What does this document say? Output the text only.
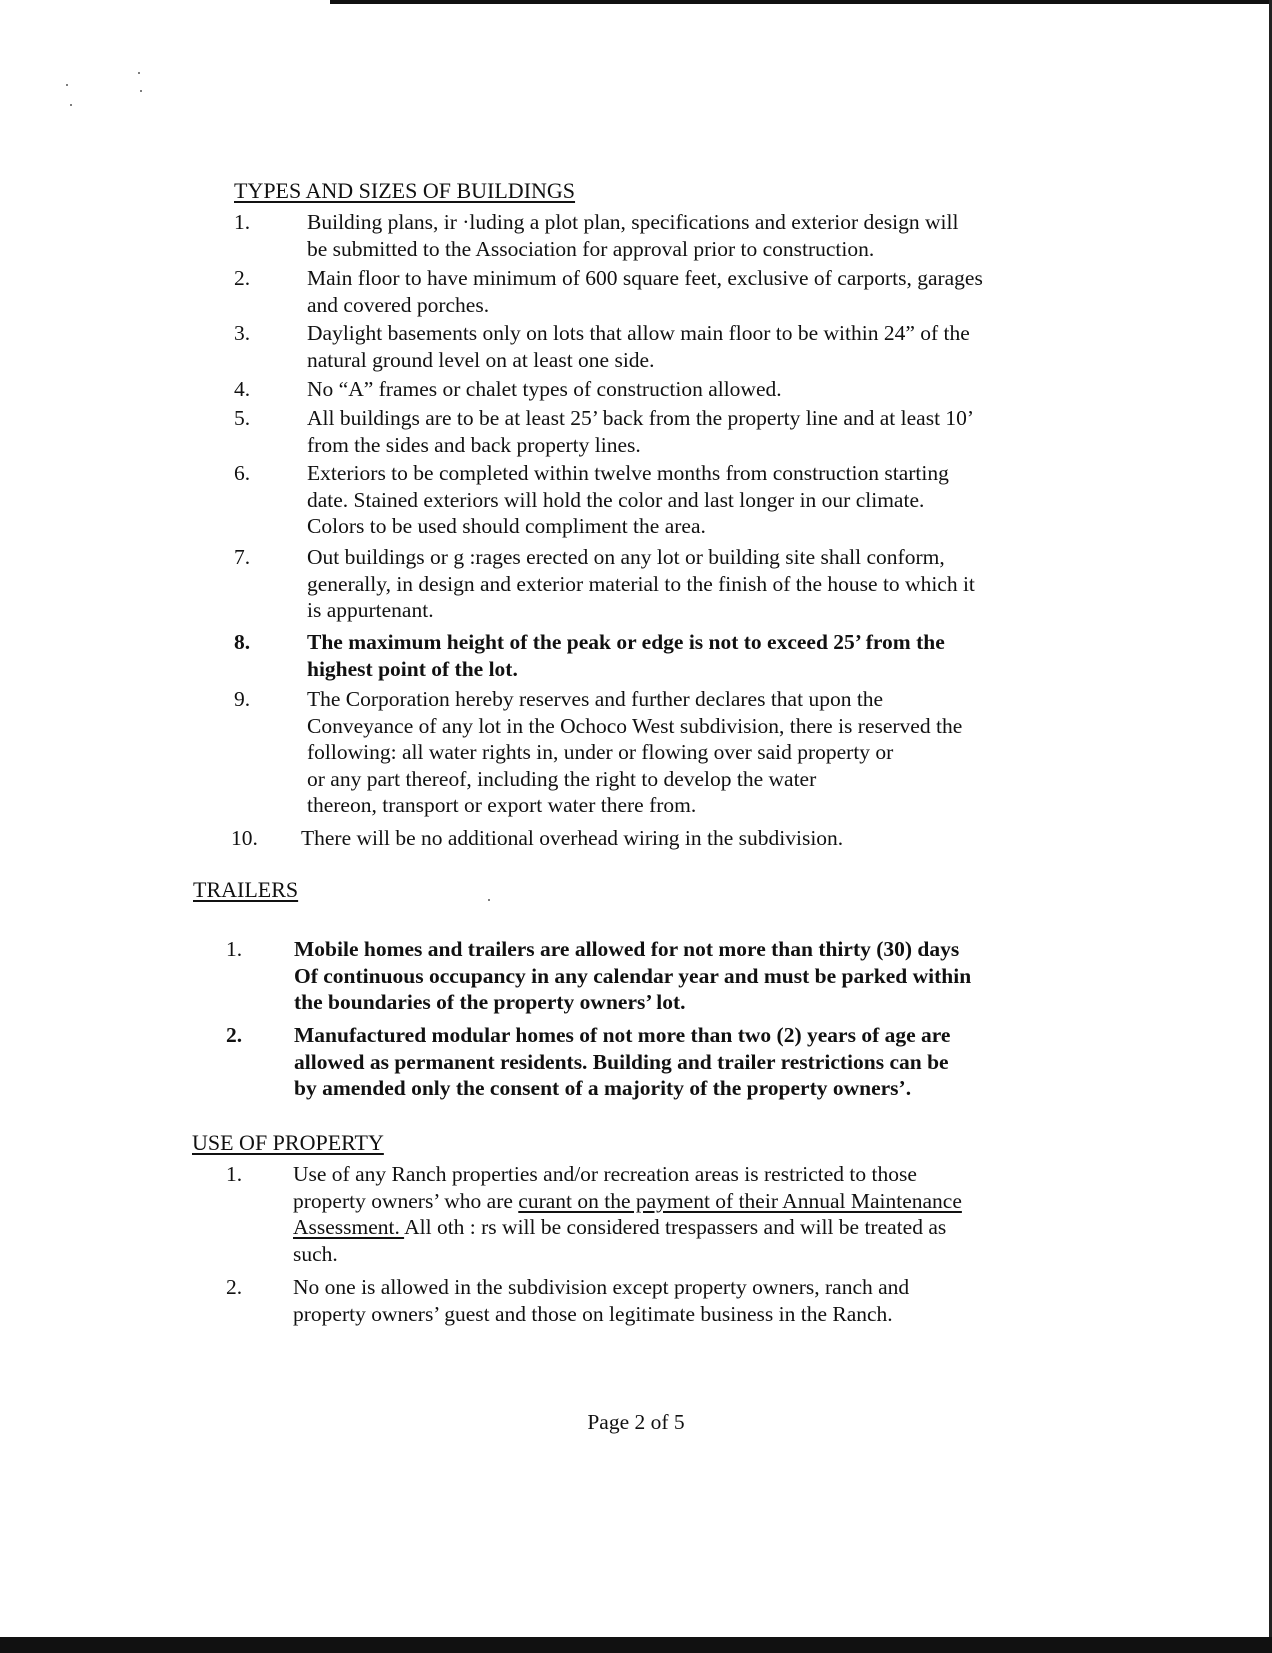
TYPES AND SIZES OF BUILDINGS
1.	Building plans, ir ·luding a plot plan, specifications and exterior design will
be submitted to the Association for approval prior to construction.
2.	Main floor to have minimum of 600 square feet, exclusive of carports, garages
and covered porches.
3.	Daylight basements only on lots that allow main floor to be within 24” of the
natural ground level on at least one side.
4.	No “A” frames or chalet types of construction allowed.
5.	All buildings are to be at least 25’ back from the property line and at least 10’
from the sides and back property lines.
6.	Exteriors to be completed within twelve months from construction starting
date. Stained exteriors will hold the color and last longer in our climate.
Colors to be used should compliment the area.
7.	Out buildings or g :rages erected on any lot or building site shall conform,
generally, in design and exterior material to the finish of the house to which it
is appurtenant.
8.	The maximum height of the peak or edge is not to exceed 25’ from the
highest point of the lot.
9.	The Corporation hereby reserves and further declares that upon the
Conveyance of any lot in the Ochoco West subdivision, there is reserved the
following: all water rights in, under or flowing over said property or
or any part thereof, including the right to develop the water
thereon, transport or export water there from.
10. There will be no additional overhead wiring in the subdivision.
TRAILERS
1. Mobile homes and trailers are allowed for not more than thirty (30) days
Of continuous occupancy in any calendar year and must be parked within
the boundaries of the property owners’ lot.
2. Manufactured modular homes of not more than two (2) years of age are
allowed as permanent residents. Building and trailer restrictions can be
by amended only the consent of a majority of the property owners’.
USE OF PROPERTY
1. Use of any Ranch properties and/or recreation areas is restricted to those
property owners’ who are curant on the payment of their Annual Maintenance
Assessment. All oth : rs will be considered trespassers and will be treated as
such.
2. No one is allowed in the subdivision except property owners, ranch and
property owners’ guest and those on legitimate business in the Ranch.
Page 2 of 5
